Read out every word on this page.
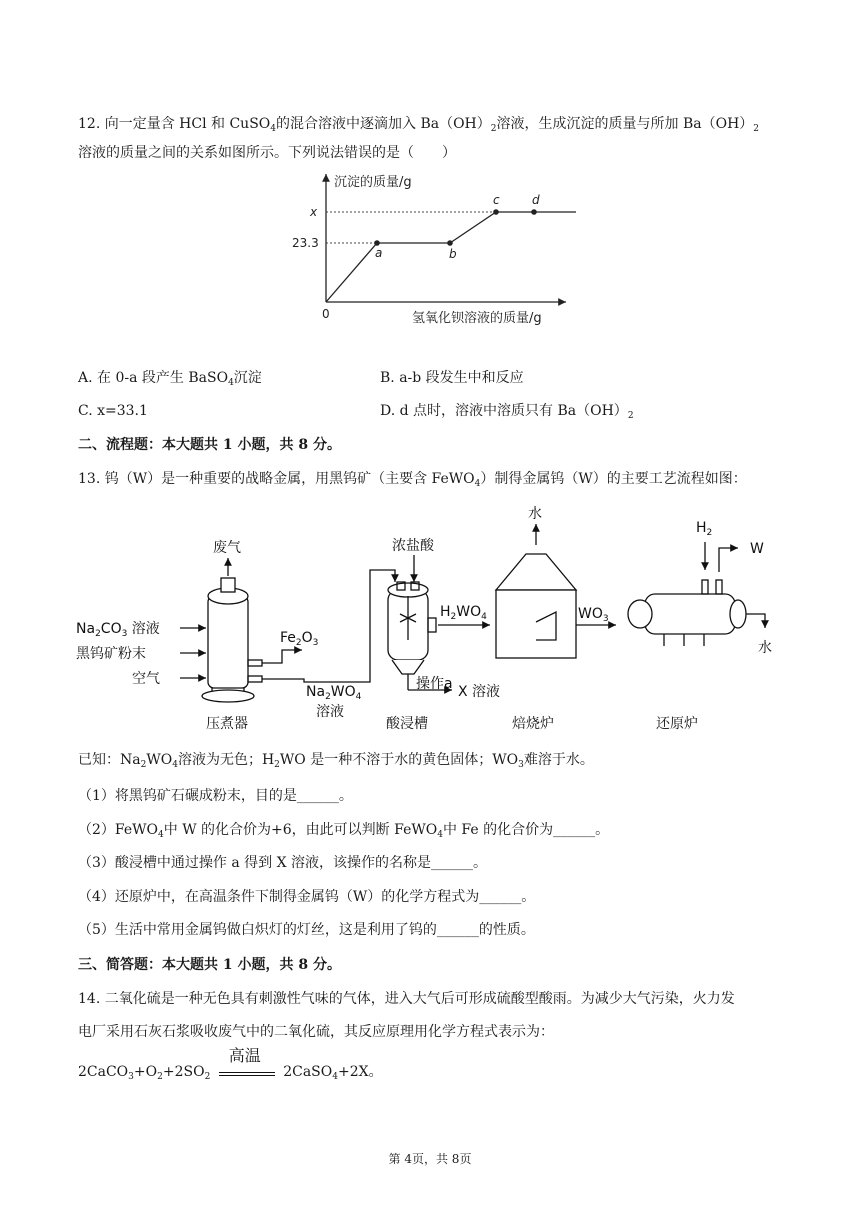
12. 向一定量含 HCl 和 CuSO$_4$的混合溶液中逐滴加入 $Ba(OH)_2$溶液，生成沉淀的质量与所加 $Ba(OH)_2$
溶液的质量之间的关系如图所示。下列说法错误的是（　　）
沉淀的质量/g
氢氧化钡溶液的质量/g
0
23.3
x
a	b
c	d
A. 在 0-a 段产生 BaSO$_4$沉淀	B. a-b 段发生中和反应
C. x=33.1	D. d 点时，溶液中溶质只有 $Ba(OH)_2$
二、流程题：本大题共 1 小题，共 8 分。
13. 钨（W）是一种重要的战略金属，用黑钨矿（主要含 FeWO$_4$）制得金属钨（W）的主要工艺流程如图：
废气
$Na_2CO_3$ 溶液
黑钨矿粉末
空气
$Fe_2O_3$
$Na_2WO_4$
溶液
浓盐酸
$H_2WO_4$
操作a X 溶液
水
$WO_3$
$H_2$
W
水
压煮器	酸浸槽	焙烧炉	还原炉
已知：$Na_2WO_4$溶液为无色；$H_2WO$ 是一种不溶于水的黄色固体；$WO_3$难溶于水。
（1）将黑钨矿石碾成粉末，目的是______。
（2）FeWO$_4$中 W 的化合价为+6，由此可以判断 FeWO$_4$中 Fe 的化合价为______。
（3）酸浸槽中通过操作 a 得到 X 溶液，该操作的名称是______。
（4）还原炉中，在高温条件下制得金属钨（W）的化学方程式为______。
（5）生活中常用金属钨做白炽灯的灯丝，这是利用了钨的______的性质。
三、简答题：本大题共 1 小题，共 8 分。
14. 二氧化硫是一种无色具有刺激性气味的气体，进入大气后可形成硫酸型酸雨。为减少大气污染，火力发
电厂采用石灰石浆吸收废气中的二氧化硫，其反应原理用化学方程式表示为：
$2CaCO_3+O_2+2SO_2$
高温
2CaSO$_4$+2X。
第 4页，共 8页
